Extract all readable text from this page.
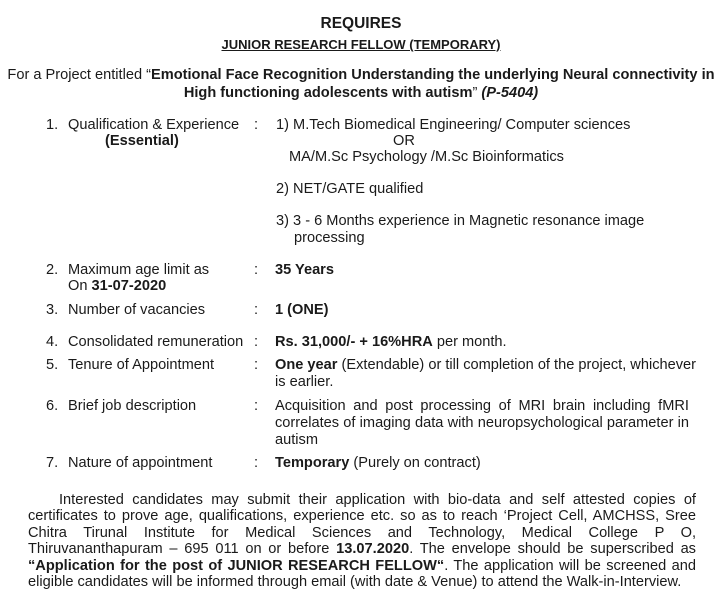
REQUIRES
JUNIOR RESEARCH FELLOW (TEMPORARY)
For a Project entitled “Emotional Face Recognition Understanding the underlying Neural connectivity in
High functioning adolescents with autism” (P-5404)
1. Qualification & Experience
(Essential)
: 1) M.Tech Biomedical Engineering/ Computer sciences
OR
MA/M.Sc Psychology /M.Sc Bioinformatics
2) NET/GATE qualified
3) 3 - 6 Months experience in Magnetic resonance image
processing
2. Maximum age limit as
On 31-07-2020
: 35 Years
3. Number of vacancies	: 1 (ONE)
4. Consolidated remuneration : Rs. 31,000/- + 16%HRA per month.
5. Tenure of Appointment	: One year (Extendable) or till completion of the project, whichever
is earlier.
6. Brief job description	: Acquisition and post processing of MRI brain including fMRI correlates of imaging data with neuropsychological parameter in autism
7. Nature of appointment	: Temporary (Purely on contract)
Interested candidates may submit their application with bio-data and self attested copies of certificates to prove age, qualifications, experience etc. so as to reach ‘Project Cell, AMCHSS, Sree Chitra Tirunal Institute for Medical Sciences and Technology, Medical College P O, Thiruvananthapuram – 695 011 on or before 13.07.2020. The envelope should be superscribed as “Application for the post of JUNIOR RESEARCH FELLOW“. The application will be screened and eligible candidates will be informed through email (with date & Venue) to attend the Walk-in-Interview.
